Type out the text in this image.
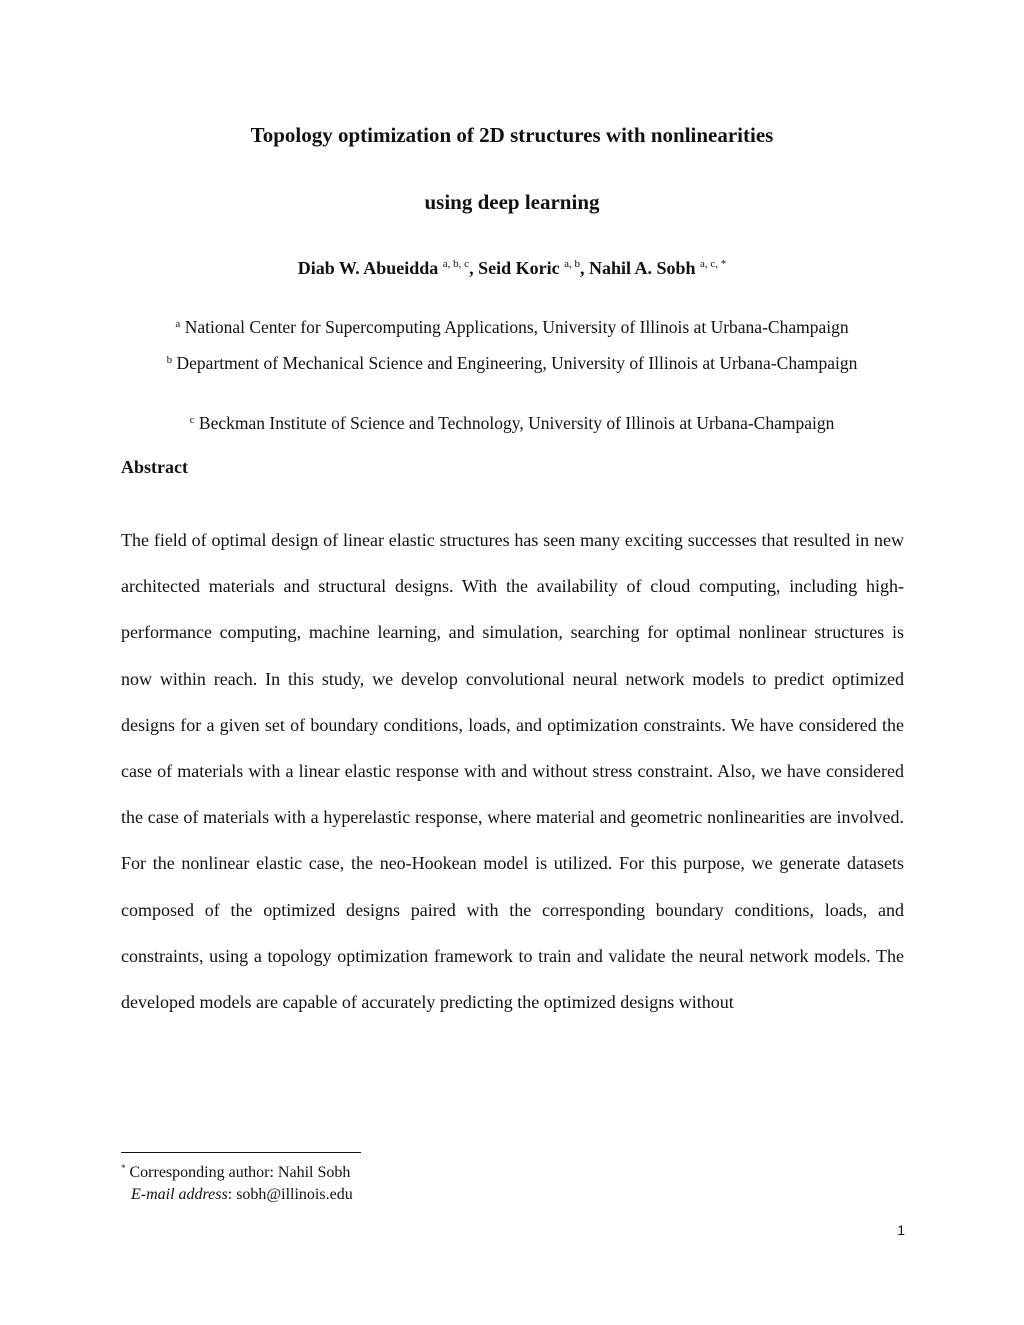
Topology optimization of 2D structures with nonlinearities
using deep learning
Diab W. Abueidda $^{a, b, c}$, Seid Koric $^{a, b}$, Nahil A. Sobh $^{a, c, *}$
$^a$ National Center for Supercomputing Applications, University of Illinois at Urbana-Champaign
$^b$ Department of Mechanical Science and Engineering, University of Illinois at Urbana-Champaign
$^c$ Beckman Institute of Science and Technology, University of Illinois at Urbana-Champaign
Abstract

The field of optimal design of linear elastic structures has seen many exciting successes that resulted in new architected materials and structural designs. With the availability of cloud computing, including high-performance computing, machine learning, and simulation, searching for optimal nonlinear structures is now within reach. In this study, we develop convolutional neural network models to predict optimized designs for a given set of boundary conditions, loads, and optimization constraints. We have considered the case of materials with a linear elastic response with and without stress constraint. Also, we have considered the case of materials with a hyperelastic response, where material and geometric nonlinearities are involved. For the nonlinear elastic case, the neo-Hookean model is utilized. For this purpose, we generate datasets composed of the optimized designs paired with the corresponding boundary conditions, loads, and constraints, using a topology optimization framework to train and validate the neural network models. The developed models are capable of accurately predicting the optimized designs without

* Corresponding author: Nahil Sobh
E-mail address: sobh@illinois.edu
1
